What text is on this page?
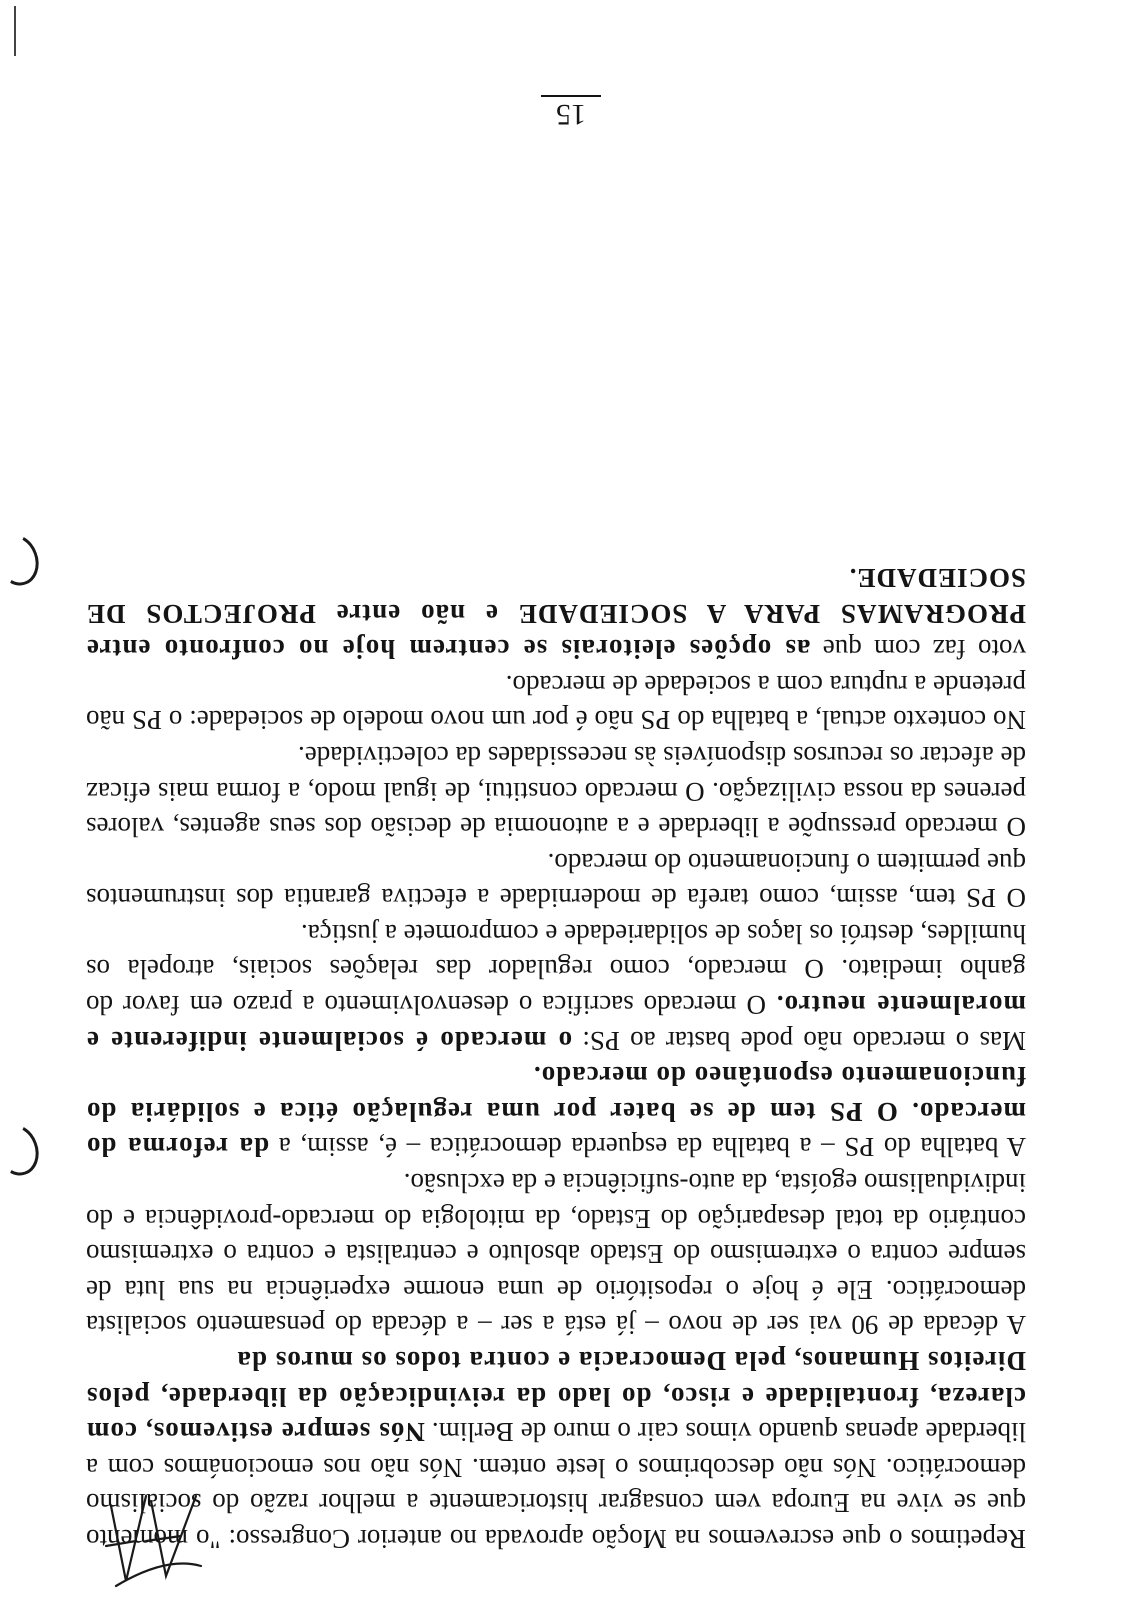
Repetimos o que escrevemos na Moção aprovada no anterior Congresso: "o momento que se vive na Europa vem consagrar historicamente a melhor razão do socialismo democrático. Nós não descobrimos o leste ontem. Nós não nos emocionámos com a liberdade apenas quando vimos cair o muro de Berlim. Nós sempre estivemos, com clareza, frontalidade e risco, do lado da reivindicação da liberdade, pelos Direitos Humanos, pela Democracia e contra todos os muros da

A década de 90 vai ser de novo – já está a ser – a década do pensamento socialista democrático. Ele é hoje o repositório de uma enorme experiência na sua luta de sempre contra o extremismo do Estado absoluto e centralista e contra o extremismo contrário da total desaparição do Estado, da mitologia do mercado-providência e do individualismo egoísta, da auto-suficiência e da exclusão.

A batalha do PS – a batalha da esquerda democrática – é, assim, a da reforma do mercado. O PS tem de se bater por uma regulação ética e solidária do funcionamento espontâneo do mercado.

Mas o mercado não pode bastar ao PS: o mercado é socialmente indiferente e moralmente neutro. O mercado sacrifica o desenvolvimento a prazo em favor do ganho imediato. O mercado, como regulador das relações sociais, atropela os humildes, destrói os laços de solidariedade e compromete a justiça.

O PS tem, assim, como tarefa de modernidade a efectiva garantia dos instrumentos que permitem o funcionamento do mercado.

O mercado pressupõe a liberdade e a autonomia de decisão dos seus agentes, valores perenes da nossa civilização. O mercado constitui, de igual modo, a forma mais eficaz de afectar os recursos disponíveis às necessidades da colectividade.

No contexto actual, a batalha do PS não é por um novo modelo de sociedade: o PS não pretende a ruptura com a sociedade de mercado.

voto faz com que as opções eleitorais se centrem hoje no confronto entre PROGRAMAS PARA A SOCIEDADE e não entre PROJECTOS DE SOCIEDADE.

15
